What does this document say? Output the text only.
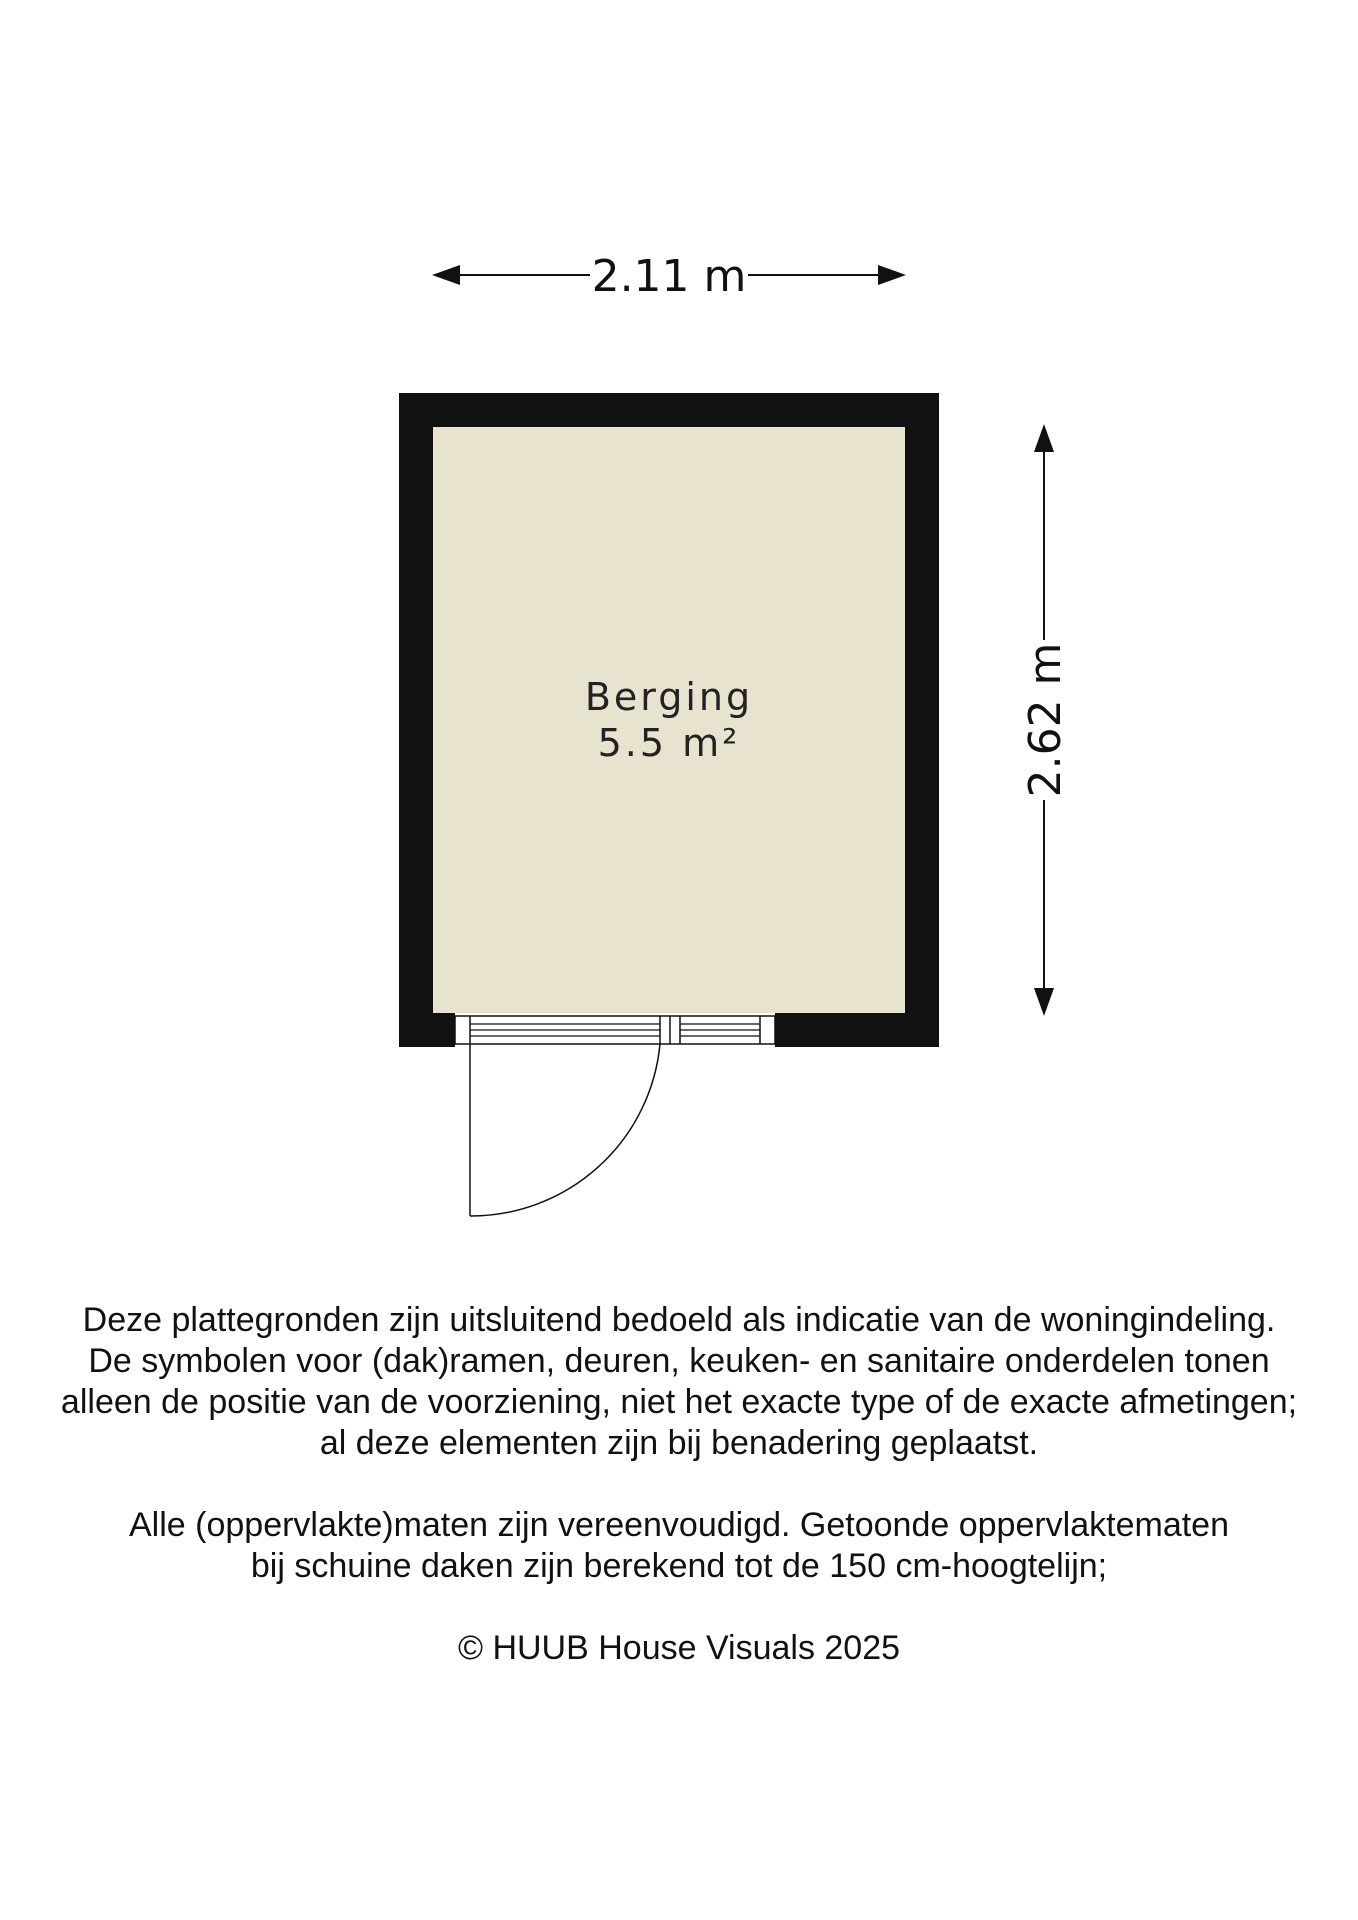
2.11 m
2.62 m
Berging
5.5 m²

Deze plattegronden zijn uitsluitend bedoeld als indicatie van de woningindeling.

De symbolen voor (dak)ramen, deuren, keuken- en sanitaire onderdelen tonen

alleen de positie van de voorziening, niet het exacte type of de exacte afmetingen;

al deze elementen zijn bij benadering geplaatst.

Alle (oppervlakte)maten zijn vereenvoudigd. Getoonde oppervlaktematen

bij schuine daken zijn berekend tot de 150 cm-hoogtelijn;

© HUUB House Visuals 2025
